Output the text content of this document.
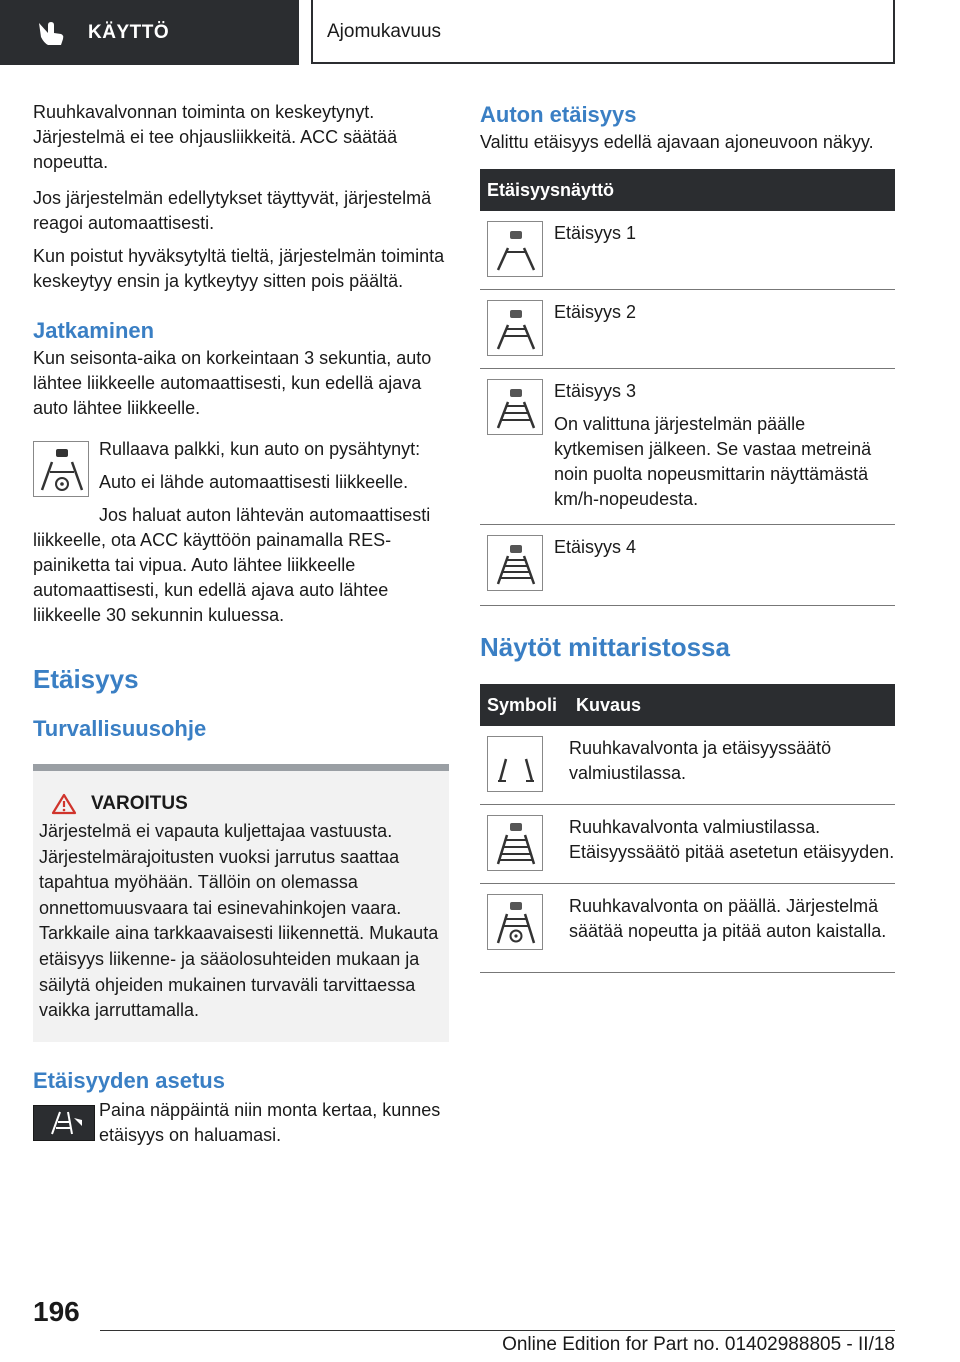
KÄYTTÖ	Ajomukavuus

Ruuhkavalvonnan toiminta on keskeytynyt. Järjestelmä ei tee ohjausliikkeitä. ACC säätää nopeutta.

Jos järjestelmän edellytykset täyttyvät, järjestelmä reagoi automaattisesti.

Kun poistut hyväksytyltä tieltä, järjestelmän toiminta keskeytyy ensin ja kytkeytyy sitten pois päältä.

Jatkaminen

Kun seisonta-aika on korkeintaan 3 sekuntia, auto lähtee liikkeelle automaattisesti, kun edellä ajava auto lähtee liikkeelle.

Rullaava palkki, kun auto on pysähtynyt:

Auto ei lähde automaattisesti liikkeelle.

Jos haluat auton lähtevän automaattisesti liikkeelle, ota ACC käyttöön painamalla RES-painiketta tai vipua. Auto lähtee liikkeelle automaattisesti, kun edellä ajava auto lähtee liikkeelle 30 sekunnin kuluessa.

Etäisyys
Turvallisuusohje
VAROITUS

Järjestelmä ei vapauta kuljettajaa vastuusta. Järjestelmärajoitusten vuoksi jarrutus saattaa tapahtua myöhään. Tällöin on olemassa onnettomuusvaara tai esinevahinkojen vaara. Tarkkaile aina tarkkaavaisesti liikennettä. Mukauta etäisyys liikenne- ja sääolosuhteiden mukaan ja säilytä ohjeiden mukainen turvaväli tarvittaessa vaikka jarruttamalla.

Etäisyyden asetus

Paina näppäintä niin monta kertaa, kunnes etäisyys on haluamasi.

Auton etäisyys

Valittu etäisyys edellä ajavaan ajoneuvoon näkyy.

Etäisyysnäyttö	

Etäisyys 1

Etäisyys 2

Etäisyys 3

On valittuna järjestelmän päälle kytkemisen jälkeen. Se vastaa metreinä noin puolta nopeusmittarin näyttämästä km/h-nopeudesta.

Etäisyys 4

Näytöt mittaristossa
Symboli	Kuvaus

Ruuhkavalvonta ja etäisyyssäätö valmiustilassa.

Ruuhkavalvonta valmiustilassa. Etäisyyssäätö pitää asetetun etäisyyden.

Ruuhkavalvonta on päällä. Järjestelmä säätää nopeutta ja pitää auton kaistalla.

196
Online Edition for Part no. 01402988805 - II/18
